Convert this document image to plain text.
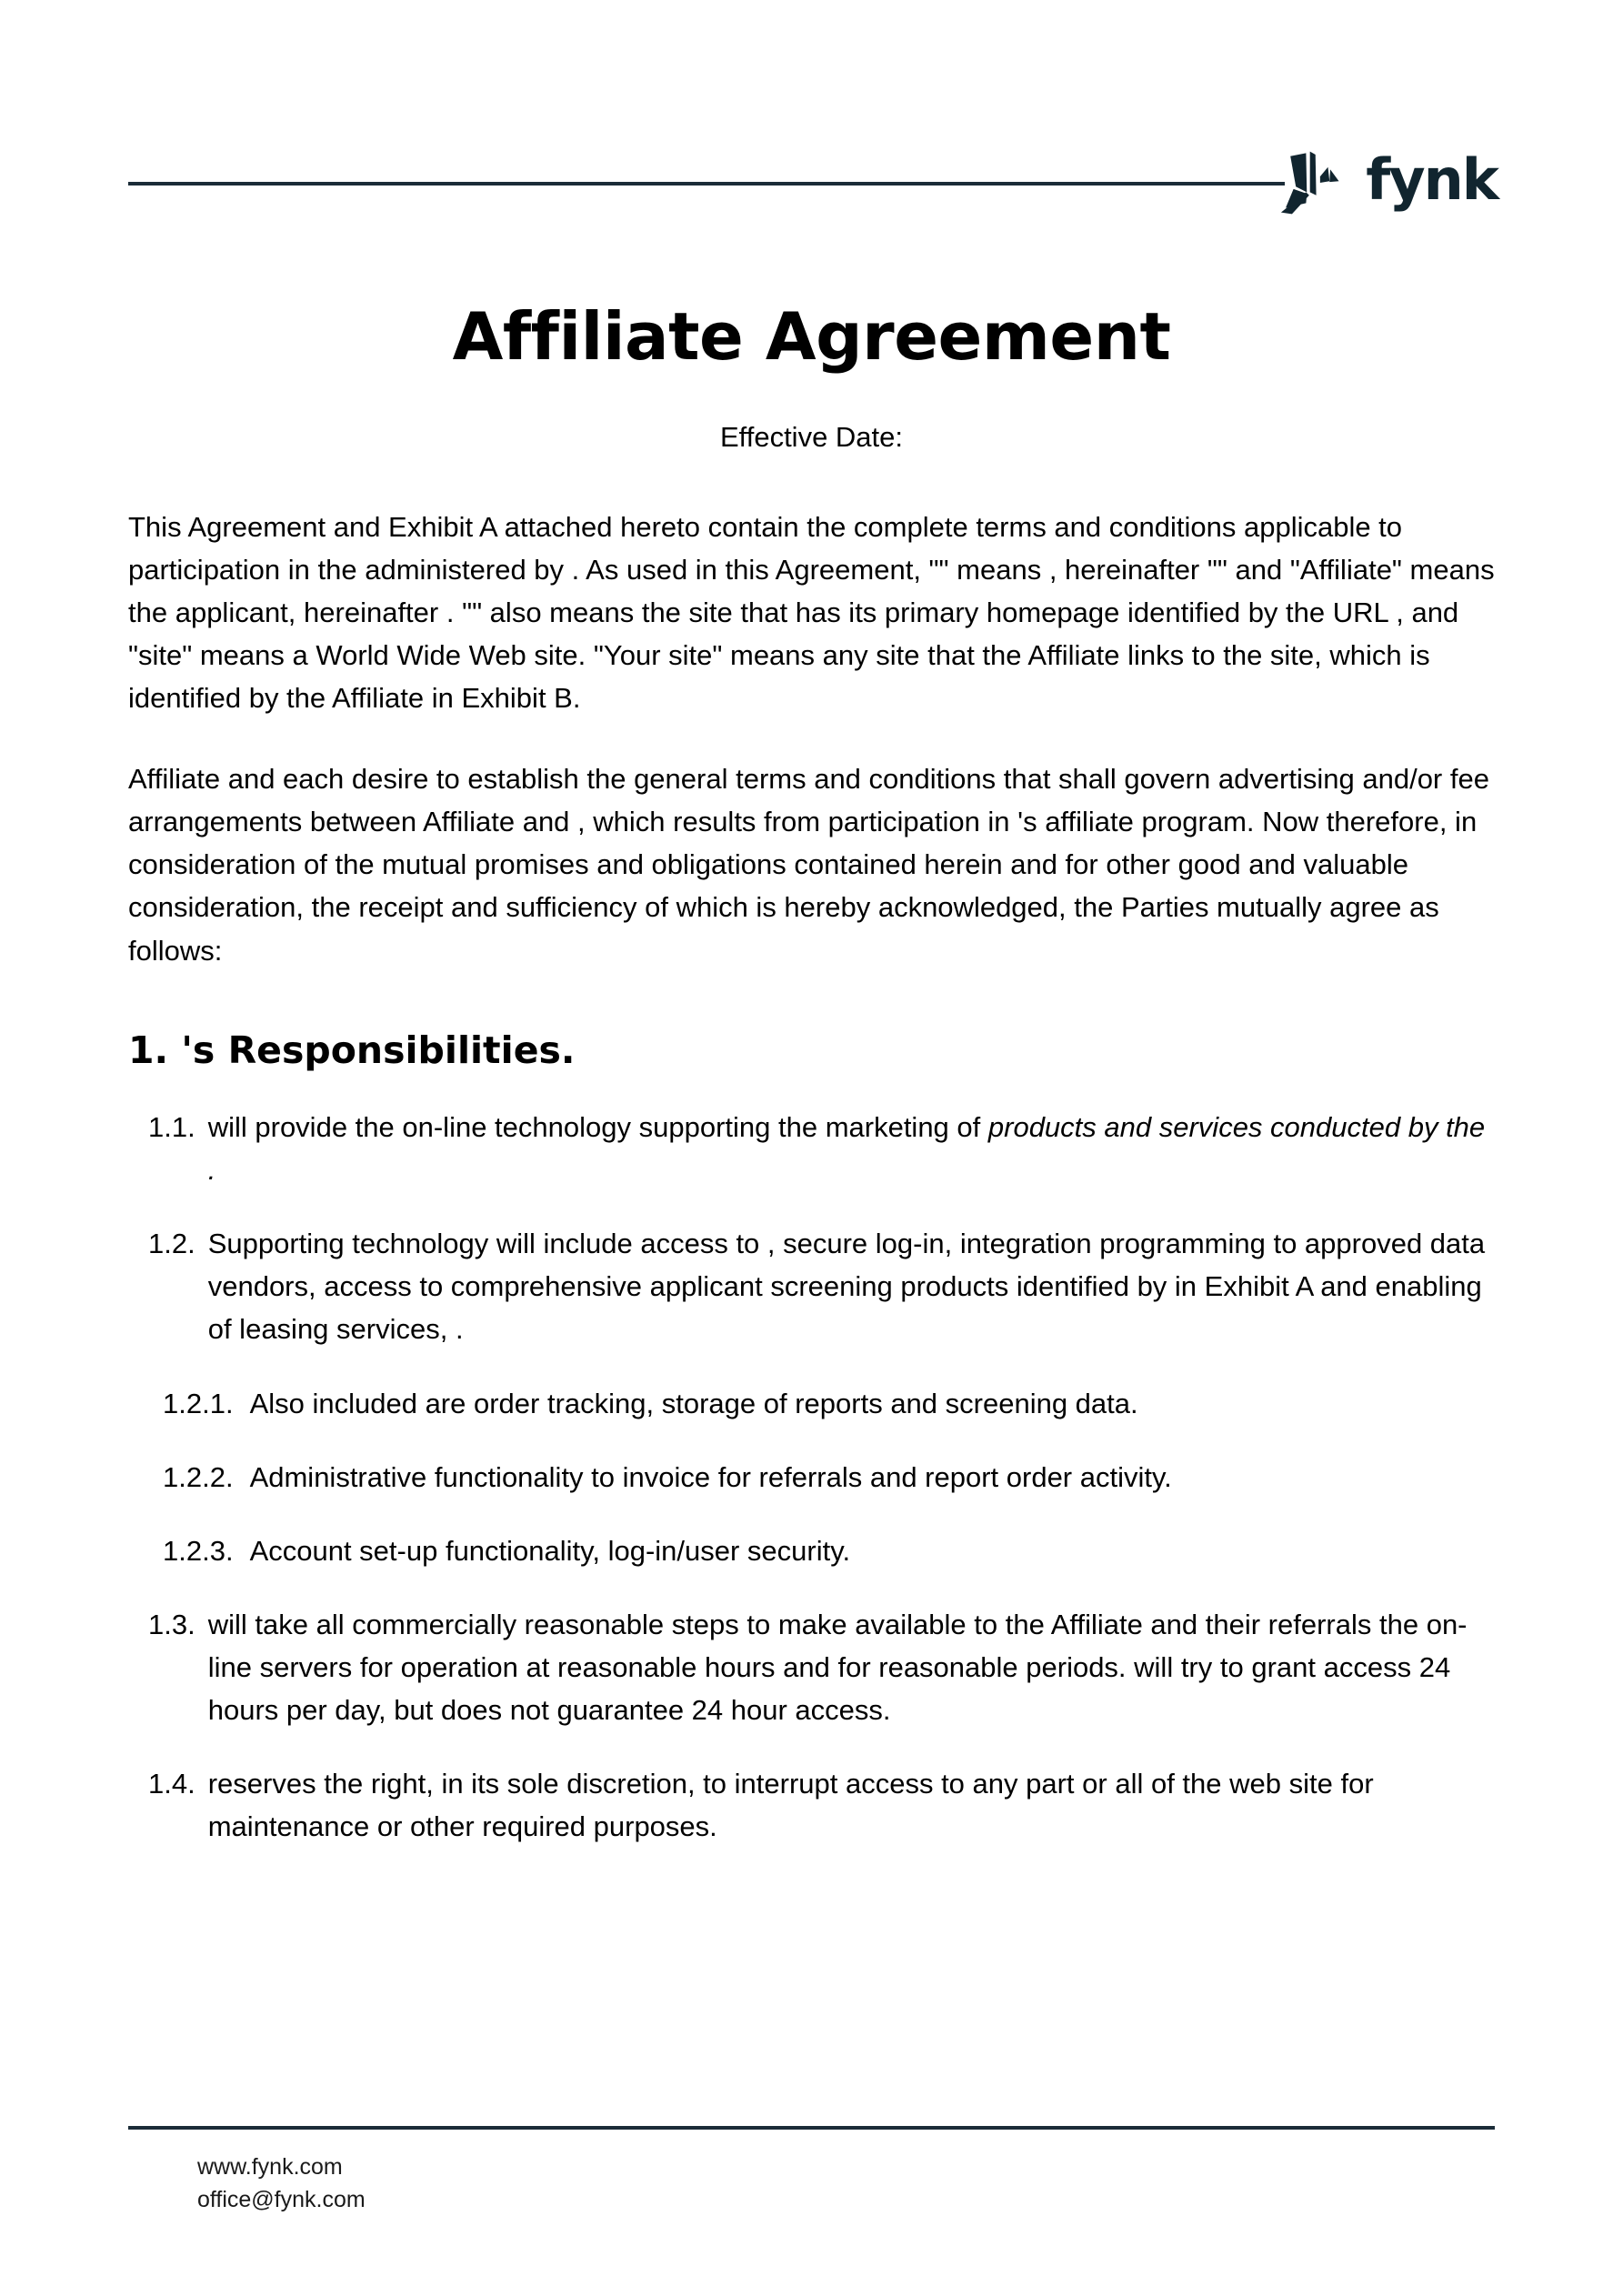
fynk
Affiliate Agreement
Effective Date:

This Agreement and Exhibit A attached hereto contain the complete terms and conditions applicable to participation in the administered by . As used in this Agreement, "" means , hereinafter "" and "Affiliate" means the applicant, hereinafter . "" also means the site that has its primary homepage identified by the URL , and "site" means a World Wide Web site. "Your site" means any site that the Affiliate links to the site, which is identified by the Affiliate in Exhibit B.

Affiliate and each desire to establish the general terms and conditions that shall govern advertising and/or fee arrangements between Affiliate and , which results from participation in 's affiliate program. Now therefore, in consideration of the mutual promises and obligations contained herein and for other good and valuable consideration, the receipt and sufficiency of which is hereby acknowledged, the Parties mutually agree as follows:

1. 's Responsibilities.
1.1. will provide the on-line technology supporting the marketing of products and services conducted by the .
1.2. Supporting technology will include access to , secure log-in, integration programming to approved data vendors, access to comprehensive applicant screening products identified by in Exhibit A and enabling of leasing services, .
1.2.1. Also included are order tracking, storage of reports and screening data.
1.2.2. Administrative functionality to invoice for referrals and report order activity.
1.2.3. Account set-up functionality, log-in/user security.
1.3. will take all commercially reasonable steps to make available to the Affiliate and their referrals the on-line servers for operation at reasonable hours and for reasonable periods. will try to grant access 24 hours per day, but does not guarantee 24 hour access.
1.4. reserves the right, in its sole discretion, to interrupt access to any part or all of the web site for maintenance or other required purposes.
www.fynk.com
office@fynk.com
